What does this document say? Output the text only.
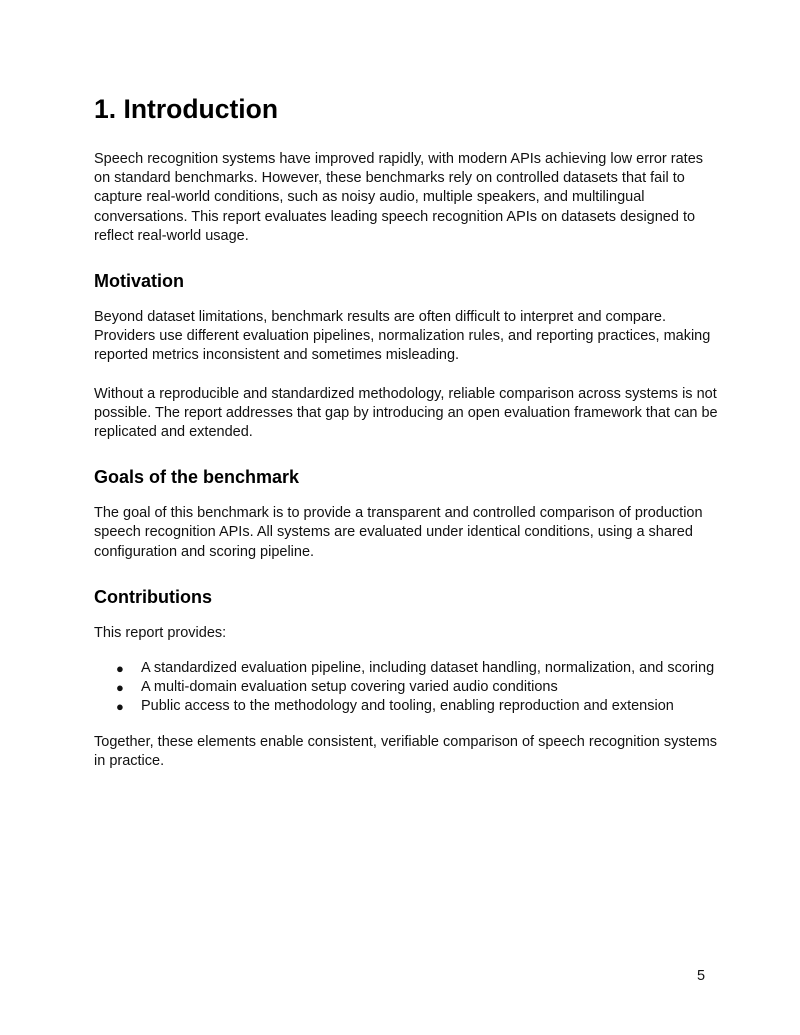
1. Introduction

Speech recognition systems have improved rapidly, with modern APIs achieving low error rates on standard benchmarks. However, these benchmarks rely on controlled datasets that fail to capture real-world conditions, such as noisy audio, multiple speakers, and multilingual conversations. This report evaluates leading speech recognition APIs on datasets designed to reflect real-world usage.

Motivation

Beyond dataset limitations, benchmark results are often difficult to interpret and compare. Providers use different evaluation pipelines, normalization rules, and reporting practices, making reported metrics inconsistent and sometimes misleading.

Without a reproducible and standardized methodology, reliable comparison across systems is not possible. The report addresses that gap by introducing an open evaluation framework that can be replicated and extended.

Goals of the benchmark

The goal of this benchmark is to provide a transparent and controlled comparison of production speech recognition APIs. All systems are evaluated under identical conditions, using a shared configuration and scoring pipeline.

Contributions

This report provides:

● A standardized evaluation pipeline, including dataset handling, normalization, and scoring
● A multi-domain evaluation setup covering varied audio conditions
● Public access to the methodology and tooling, enabling reproduction and extension

Together, these elements enable consistent, verifiable comparison of speech recognition systems in practice.

5
